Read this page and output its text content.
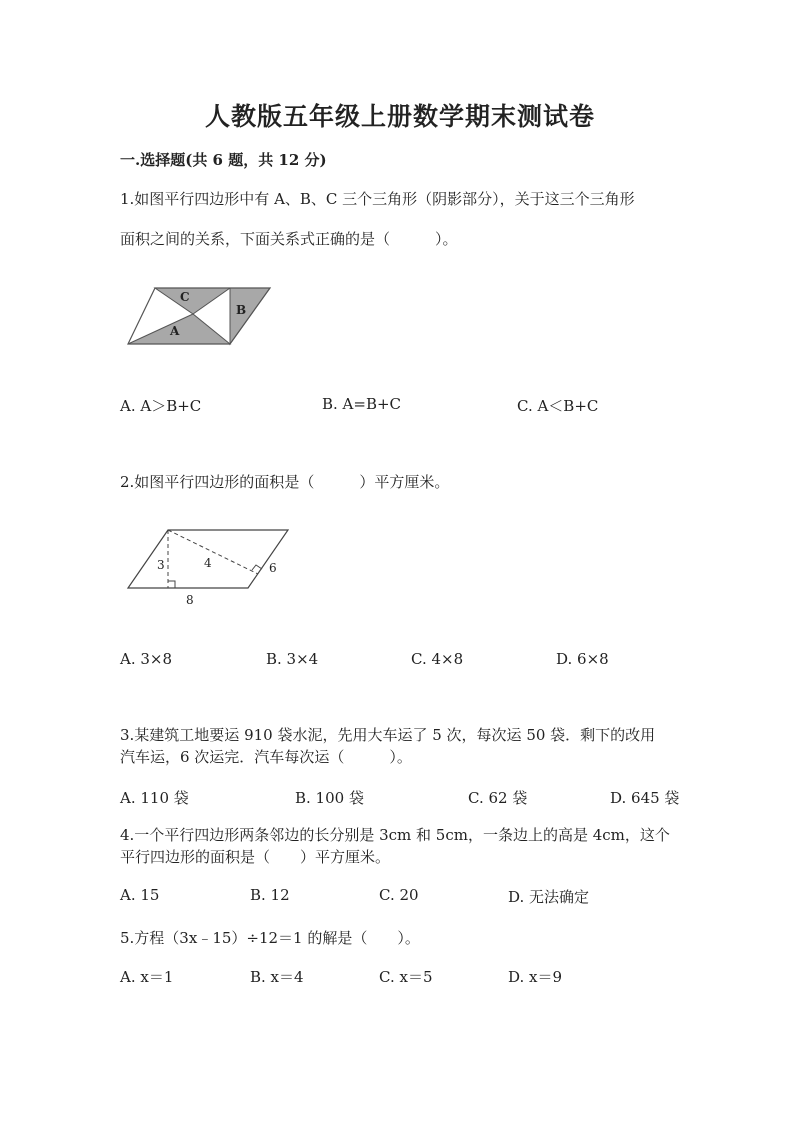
人教版五年级上册数学期末测试卷
一.选择题(共 6 题，共 12 分)
1.如图平行四边形中有 A、B、C 三个三角形（阴影部分），关于这三个三角形
面积之间的关系，下面关系式正确的是（　　　）。
C
B
A
A. A＞B+C	B. A=B+C	C. A＜B+C
2.如图平行四边形的面积是（　　　）平方厘米。
3	4	6
8
A. 3×8	B. 3×4	C. 4×8	D. 6×8
3.某建筑工地要运 910 袋水泥，先用大车运了 5 次，每次运 50 袋．剩下的改用
汽车运，6 次运完．汽车每次运（　　　）。
A. 110 袋	B. 100 袋	C. 62 袋	D. 645 袋
4.一个平行四边形两条邻边的长分别是 3cm 和 5cm，一条边上的高是 4cm，这个
平行四边形的面积是（　　）平方厘米。
A. 15	B. 12	C. 20	D. 无法确定
5.方程（3x﹣15）÷12＝1 的解是（　　）。
A. x＝1	B. x＝4	C. x＝5	D. x＝9
